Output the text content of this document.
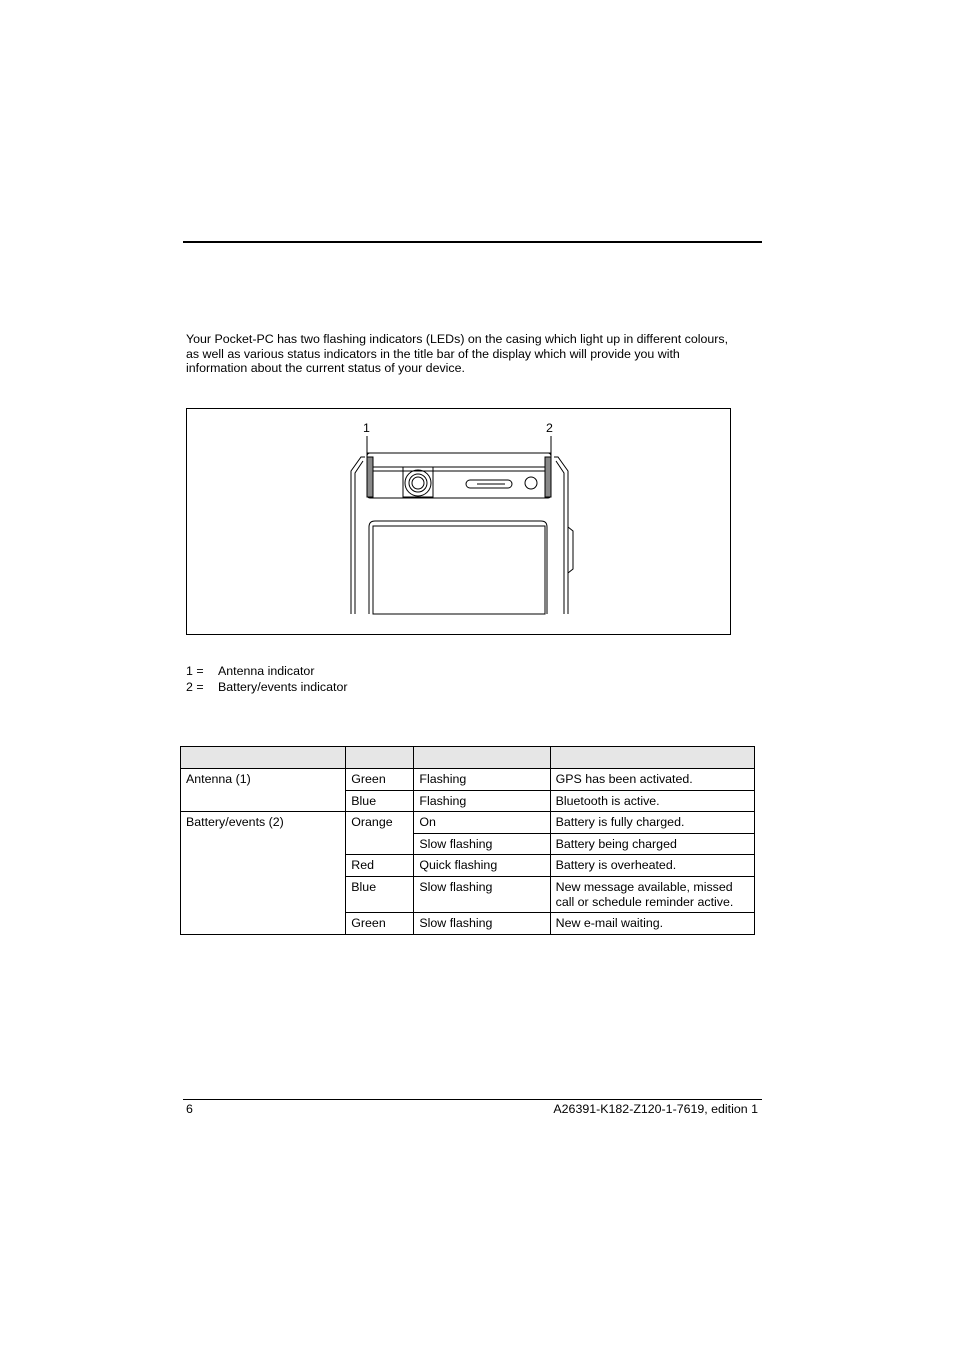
Your Pocket-PC has two flashing indicators (LEDs) on the casing which light up in different colours,
as well as various status indicators in the title bar of the display which will provide you with
information about the current status of your device.
1	2
1 =	Antenna indicator
2 =	Battery/events indicator

Antenna (1)	Green	Flashing	GPS has been activated.
	Blue	Flashing	Bluetooth is active.
Battery/events (2)	Orange	On	Battery is fully charged.
		Slow flashing	Battery being charged
	Red	Quick flashing	Battery is overheated.
	Blue	Slow flashing	New message available, missed call or schedule reminder active.
	Green	Slow flashing	New e-mail waiting.
6	A26391-K182-Z120-1-7619, edition 1
